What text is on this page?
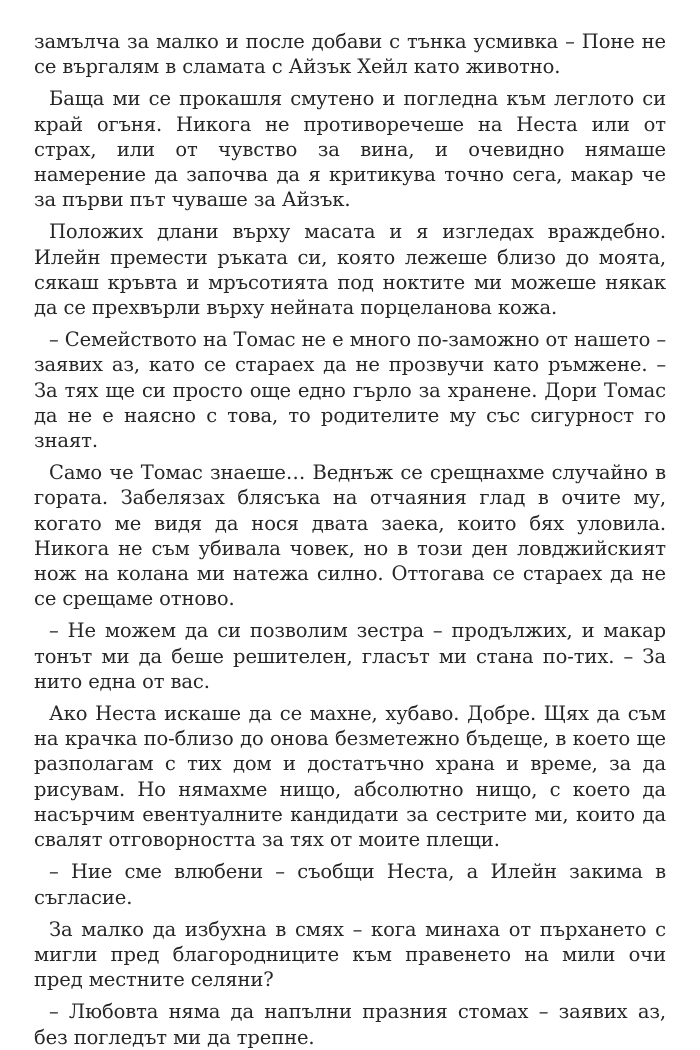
замълча за малко и после добави с тънка усмивка – Поне не се въргалям в сламата с Айзък Хейл като животно.

Баща ми се прокашля смутено и погледна към леглото си край огъня. Никога не противоречеше на Неста или от страх, или от чувство за вина, и очевидно нямаше намерение да започва да я критикува точно сега, макар че за първи път чуваше за Айзък.

Положих длани върху масата и я изгледах враждебно. Илейн премести ръката си, която лежеше близо до моята, сякаш кръвта и мръсотията под ноктите ми можеше някак да се прехвърли върху нейната порцеланова кожа.

– Семейството на Томас не е много по-заможно от нашето – заявих аз, като се стараех да не прозвучи като ръмжене. – За тях ще си просто още едно гърло за хранене. Дори Томас да не е наясно с това, то родителите му със сигурност го знаят.

Само че Томас знаеше… Веднъж се срещнахме случайно в гората. Забелязах блясъка на отчаяния глад в очите му, когато ме видя да нося двата заека, които бях уловила. Никога не съм убивала човек, но в този ден ловджийският нож на колана ми натежа силно. Оттогава се стараех да не се срещаме отново.

– Не можем да си позволим зестра – продължих, и макар тонът ми да беше решителен, гласът ми стана по-тих. – За нито една от вас.

Ако Неста искаше да се махне, хубаво. Добре. Щях да съм на крачка по-близо до онова безметежно бъдеще, в което ще разполагам с тих дом и достатъчно храна и време, за да рисувам. Но нямахме нищо, абсолютно нищо, с което да насърчим евентуалните кандидати за сестрите ми, които да свалят отговорността за тях от моите плещи.

– Ние сме влюбени – съобщи Неста, а Илейн закима в съгласие.

За малко да избухна в смях – кога минаха от пърхането с мигли пред благородниците към правенето на мили очи пред местните селяни?

– Любовта няма да напълни празния стомах – заявих аз, без погледът ми да трепне.
